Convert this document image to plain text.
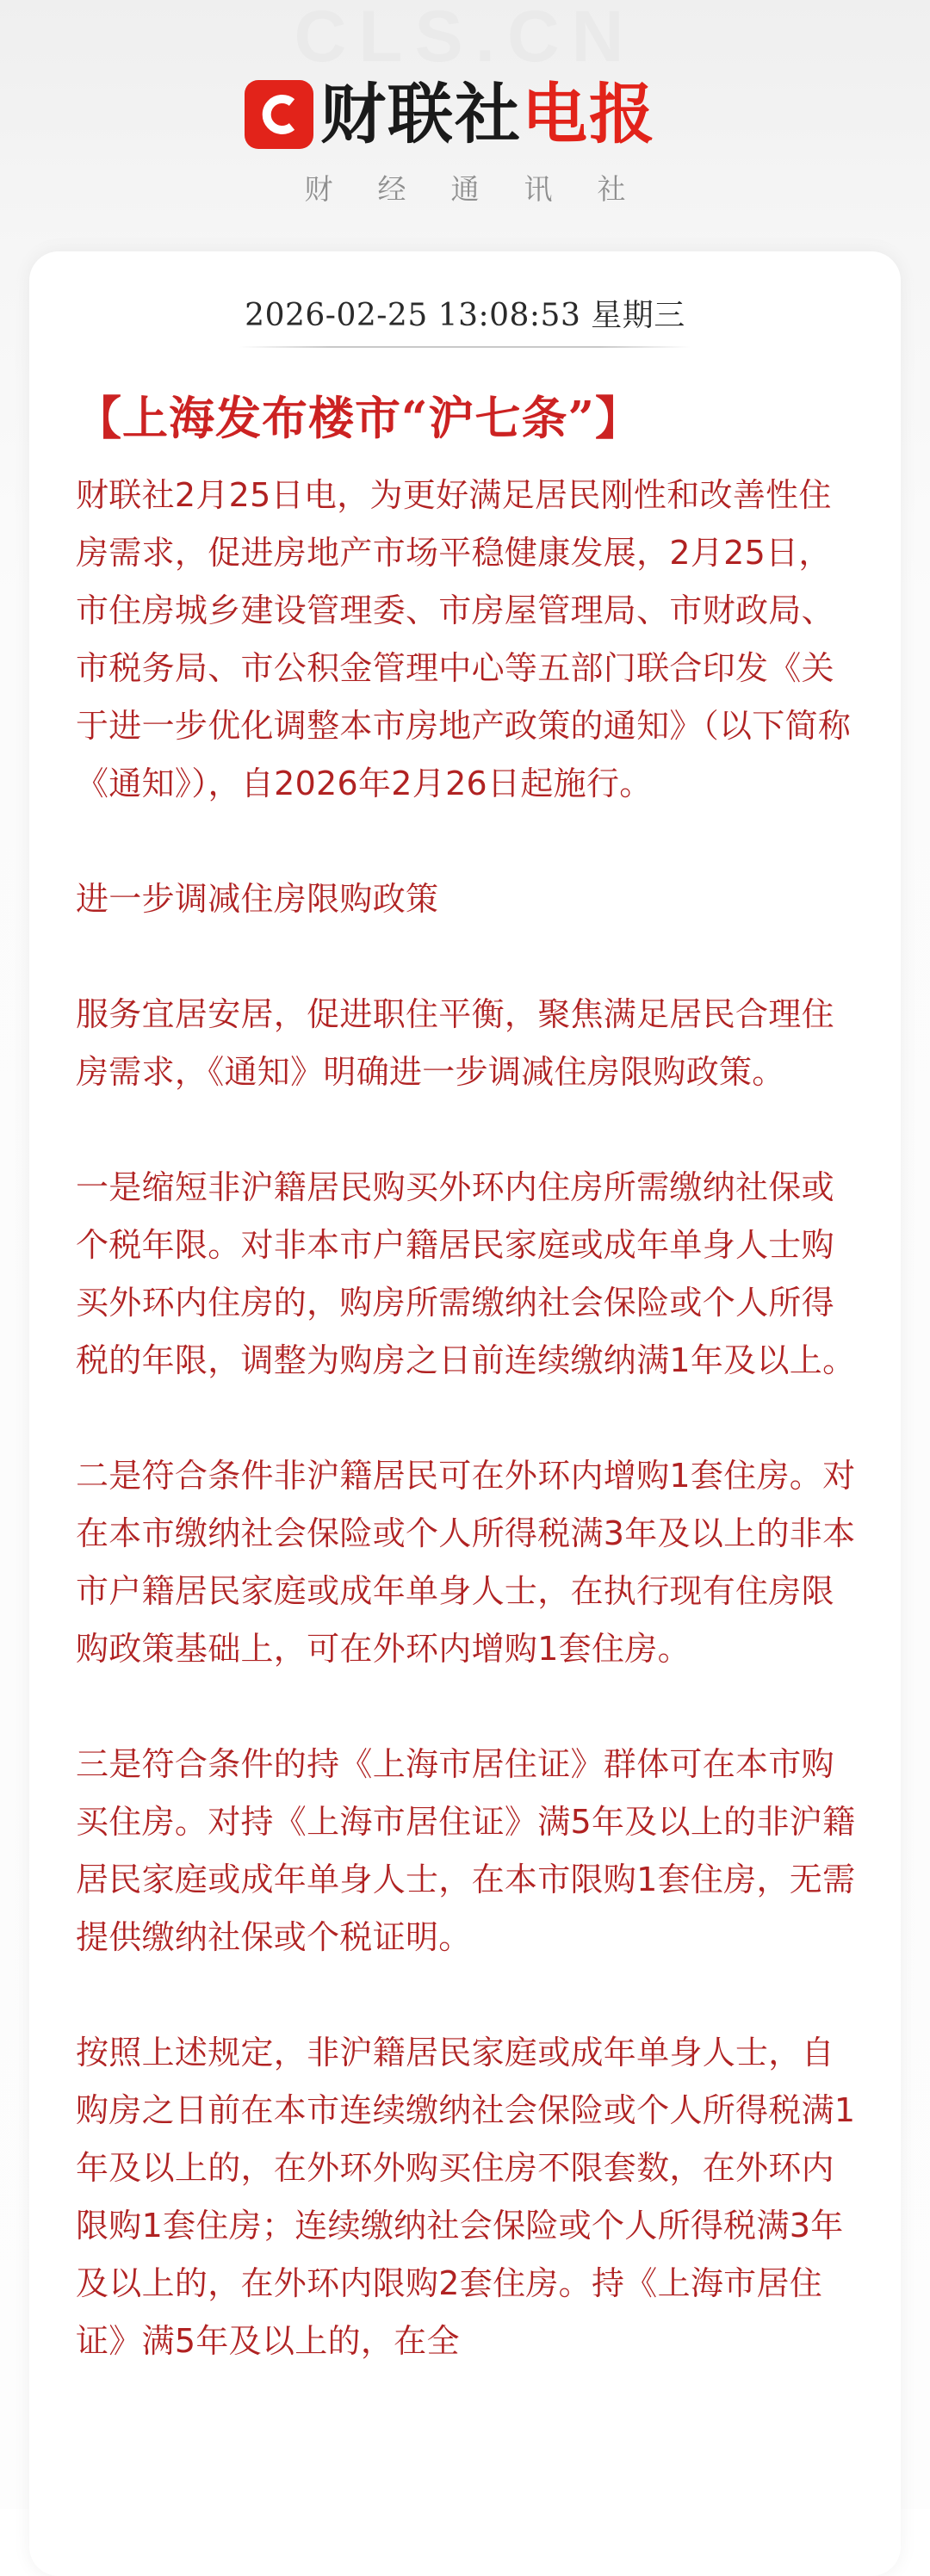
CLS.CN
财联社电报
财经通讯社
2026-02-25 13:08:53 星期三
【上海发布楼市“沪七条”】

财联社2月25日电，为更好满足居民刚性和改善性住房需求，促进房地产市场平稳健康发展，2月25日，市住房城乡建设管理委、市房屋管理局、市财政局、市税务局、市公积金管理中心等五部门联合印发《关于进一步优化调整本市房地产政策的通知》（以下简称《通知》），自2026年2月26日起施行。

进一步调减住房限购政策

服务宜居安居，促进职住平衡，聚焦满足居民合理住房需求，《通知》明确进一步调减住房限购政策。

一是缩短非沪籍居民购买外环内住房所需缴纳社保或个税年限。对非本市户籍居民家庭或成年单身人士购买外环内住房的，购房所需缴纳社会保险或个人所得税的年限，调整为购房之日前连续缴纳满1年及以上。

二是符合条件非沪籍居民可在外环内增购1套住房。对在本市缴纳社会保险或个人所得税满3年及以上的非本市户籍居民家庭或成年单身人士，在执行现有住房限购政策基础上，可在外环内增购1套住房。

三是符合条件的持《上海市居住证》群体可在本市购买住房。对持《上海市居住证》满5年及以上的非沪籍居民家庭或成年单身人士，在本市限购1套住房，无需提供缴纳社保或个税证明。

按照上述规定，非沪籍居民家庭或成年单身人士，自购房之日前在本市连续缴纳社会保险或个人所得税满1年及以上的，在外环外购买住房不限套数，在外环内限购1套住房；连续缴纳社会保险或个人所得税满3年及以上的，在外环内限购2套住房。持《上海市居住证》满5年及以上的，在全
